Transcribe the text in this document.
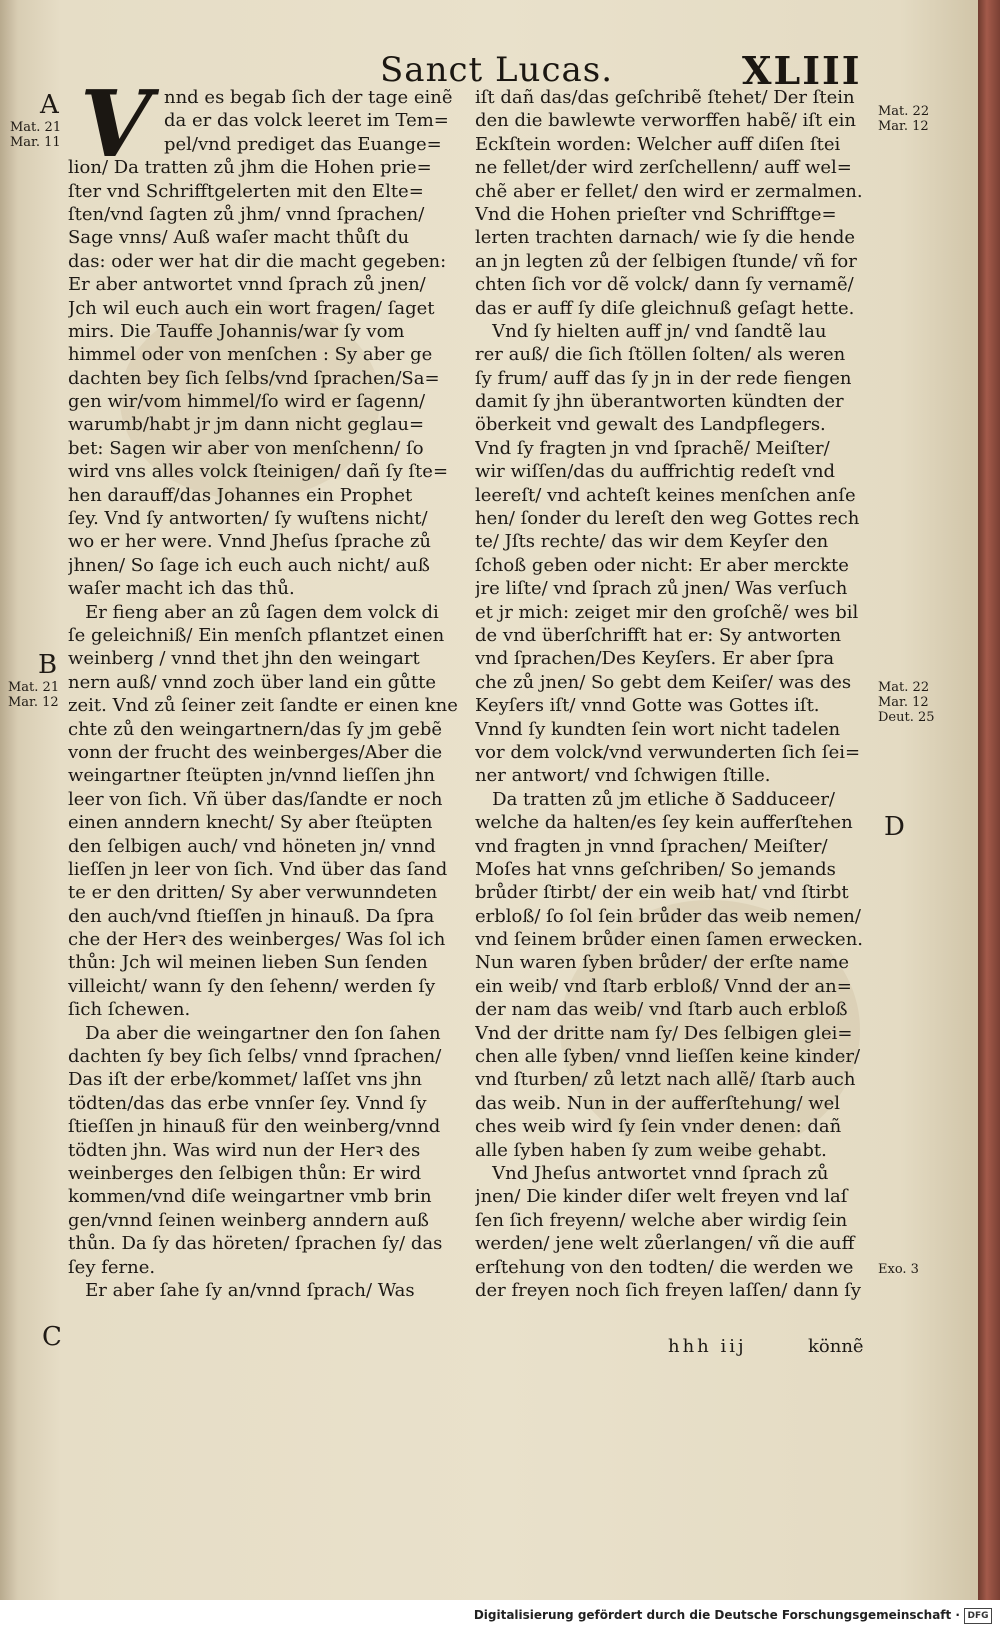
Sanct Lucas.	XLIII
V nnd es begab ſich der tage einẽ
da er das volck leeret im Tem=
pel/vnd prediget das Euange=
lion/ Da tratten zů jhm die Hohen prie=
ſter vnd Schrifftgelerten mit den Elte=
ſten/vnd ſagten zů jhm/ vnnd ſprachen/
Sage vnns/ Auß waſer macht thůſt du
das: oder wer hat dir die macht gegeben:
Er aber antwortet vnnd ſprach zů jnen/
Jch wil euch auch ein wort fragen/ ſaget
mirs. Die Tauffe Johannis/war ſy vom
himmel oder von menſchen : Sy aber ge
dachten bey ſich ſelbs/vnd ſprachen/Sa=
gen wir/vom himmel/ſo wird er ſagenn/
warumb/habt jr jm dann nicht geglau=
bet: Sagen wir aber von menſchenn/ ſo
wird vns alles volck ſteinigen/ dañ ſy ſte=
hen darauff/das Johannes ein Prophet
ſey. Vnd ſy antworten/ ſy wuſtens nicht/
wo er her were. Vnnd Jheſus ſprache zů
jhnen/ So ſage ich euch auch nicht/ auß
waſer macht ich das thů.
Er fieng aber an zů ſagen dem volck di
ſe geleichniß/ Ein menſch pflantzet einen
weinberg / vnnd thet jhn den weingart
nern auß/ vnnd zoch über land ein gůtte
zeit. Vnd zů ſeiner zeit ſandte er einen kne
chte zů den weingartnern/das ſy jm gebẽ
vonn der frucht des weinberges/Aber die
weingartner ſteüpten jn/vnnd lieſſen jhn
leer von ſich. Vñ über das/ſandte er noch
einen anndern knecht/ Sy aber ſteüpten
den ſelbigen auch/ vnd höneten jn/ vnnd
lieſſen jn leer von ſich. Vnd über das ſand
te er den dritten/ Sy aber verwunndeten
den auch/vnd ſtieſſen jn hinauß. Da ſpra
che der Herꝛ des weinberges/ Was ſol ich
thůn: Jch wil meinen lieben Sun ſenden
villeicht/ wann ſy den ſehenn/ werden ſy
ſich ſchewen.
Da aber die weingartner den ſon ſahen
dachten ſy bey ſich ſelbs/ vnnd ſprachen/
Das iſt der erbe/kommet/ laſſet vns jhn
tödten/das das erbe vnnſer ſey. Vnnd ſy
ſtieſſen jn hinauß für den weinberg/vnnd
tödten jhn. Was wird nun der Herꝛ des
weinberges den ſelbigen thůn: Er wird
kommen/vnd diſe weingartner vmb brin
gen/vnnd ſeinen weinberg anndern auß
thůn. Da ſy das höreten/ ſprachen ſy/ das
ſey ferne.
Er aber ſahe ſy an/vnnd ſprach/ Was
iſt dañ das/das geſchribẽ ſtehet/ Der ſtein
den die bawlewte verworffen habẽ/ iſt ein
Eckſtein worden: Welcher auff diſen ſtei
ne fellet/der wird zerſchellenn/ auff wel=
chẽ aber er fellet/ den wird er zermalmen.
Vnd die Hohen prieſter vnd Schrifftge=
lerten trachten darnach/ wie ſy die hende
an jn legten zů der ſelbigen ſtunde/ vñ for
chten ſich vor dẽ volck/ dann ſy vernamẽ/
das er auff ſy diſe gleichnuß geſagt hette.
Vnd ſy hielten auff jn/ vnd ſandtẽ lau
rer auß/ die ſich ſtöllen ſolten/ als weren
ſy frum/ auff das ſy jn in der rede fiengen
damit ſy jhn überantworten kündten der
öberkeit vnd gewalt des Landpflegers.
Vnd ſy fragten jn vnd ſprachẽ/ Meiſter/
wir wiſſen/das du auffrichtig redeſt vnd
leereſt/ vnd achteſt keines menſchen anſe
hen/ ſonder du lereſt den weg Gottes rech
te/ Jſts rechte/ das wir dem Keyſer den
ſchoß geben oder nicht: Er aber merckte
jre liſte/ vnd ſprach zů jnen/ Was verſuch
et jr mich: zeiget mir den groſchẽ/ wes bil
de vnd überſchrifft hat er: Sy antworten
vnd ſprachen/Des Keyſers. Er aber ſpra
che zů jnen/ So gebt dem Keiſer/ was des
Keyſers iſt/ vnnd Gotte was Gottes iſt.
Vnnd ſy kundten ſein wort nicht tadelen
vor dem volck/vnd verwunderten ſich ſei=
ner antwort/ vnd ſchwigen ſtille.
Da tratten zů jm etliche ð Sadduceer/
welche da halten/es ſey kein aufferſtehen
vnd fragten jn vnnd ſprachen/ Meiſter/
Moſes hat vnns geſchriben/ So jemands
brůder ſtirbt/ der ein weib hat/ vnd ſtirbt
erbloß/ ſo ſol ſein brůder das weib nemen/
vnd ſeinem brůder einen ſamen erwecken.
Nun waren ſyben brůder/ der erſte name
ein weib/ vnd ſtarb erbloß/ Vnnd der an=
der nam das weib/ vnd ſtarb auch erbloß
Vnd der dritte nam ſy/ Des ſelbigen glei=
chen alle ſyben/ vnnd lieſſen keine kinder/
vnd ſturben/ zů letzt nach allẽ/ ſtarb auch
das weib. Nun in der aufferſtehung/ wel
ches weib wird ſy ſein vnder denen: dañ
alle ſyben haben ſy zum weibe gehabt.
Vnd Jheſus antwortet vnnd ſprach zů
jnen/ Die kinder diſer welt freyen vnd laſ
ſen ſich freyenn/ welche aber wirdig ſein
werden/ jene welt zůerlangen/ vñ die auff
erſtehung von den todten/ die werden we
der freyen noch ſich freyen laſſen/ dann ſy
A
Mat. 21
Mar. 11
B
Mat. 21
Mar. 12
C
Mat. 22
Mar. 12
Mat. 22
Mar. 12
Deut. 25
D
Exo. 3
hhh iij	könnẽ
Digitalisierung gefördert durch die Deutsche Forschungsgemeinschaft · DFG
